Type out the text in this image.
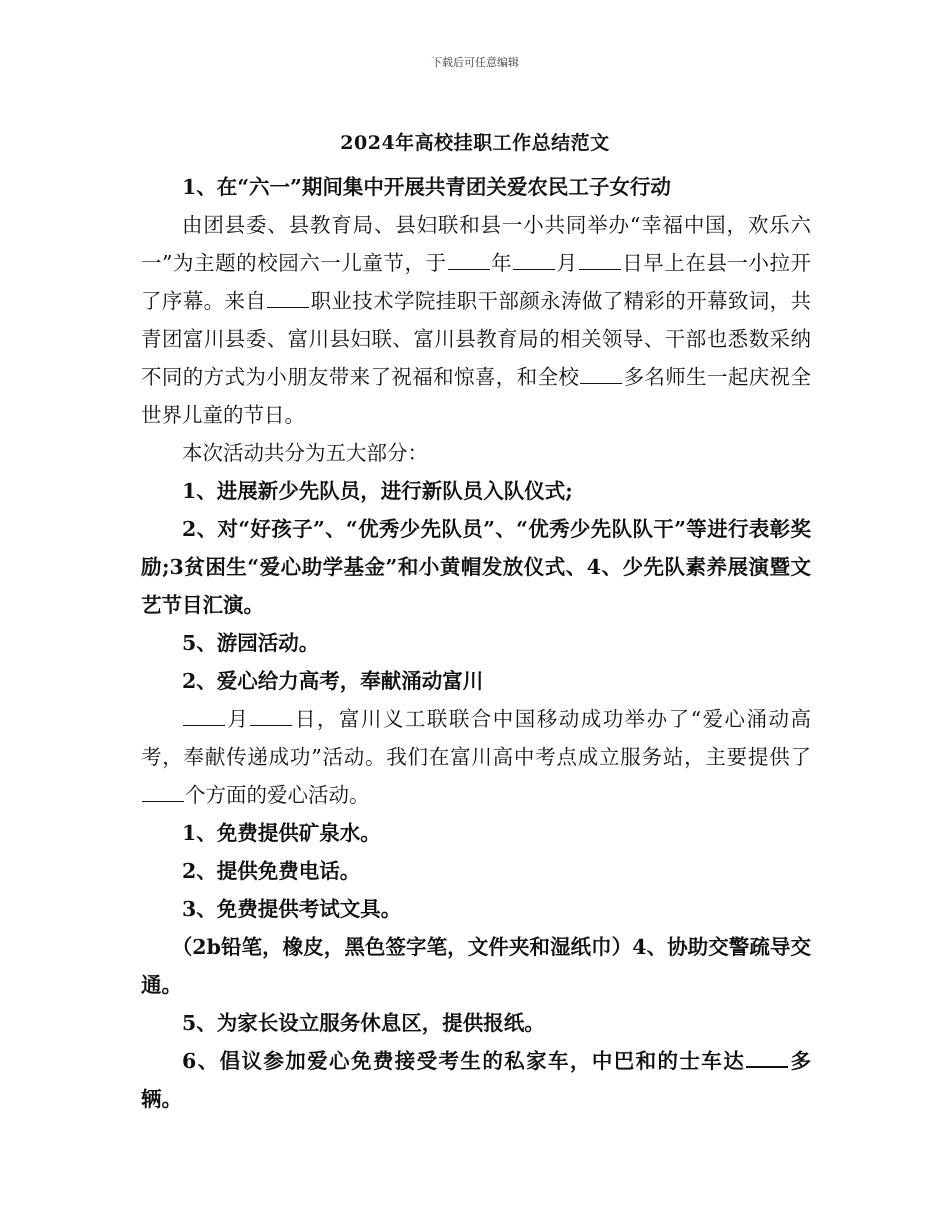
下载后可任意编辑
2024年高校挂职工作总结范文

1、在“六一”期间集中开展共青团关爱农民工子女行动

由团县委、县教育局、县妇联和县一小共同举办“幸福中国，欢乐六一”为主题的校园六一儿童节，于 年 月 日早上在县一小拉开了序幕。来自 职业技术学院挂职干部颜永涛做了精彩的开幕致词，共青团富川县委、富川县妇联、富川县教育局的相关领导、干部也悉数采纳不同的方式为小朋友带来了祝福和惊喜，和全校 多名师生一起庆祝全世界儿童的节日。

本次活动共分为五大部分：

1、进展新少先队员，进行新队员入队仪式;

2、对“好孩子”、“优秀少先队员”、“优秀少先队队干”等进行表彰奖励;3贫困生“爱心助学基金”和小黄帽发放仪式、4、少先队素养展演暨文艺节目汇演。

5、游园活动。

2、爱心给力高考，奉献涌动富川

月 日，富川义工联联合中国移动成功举办了“爱心涌动高考，奉献传递成功”活动。我们在富川高中考点成立服务站，主要提供了个方面的爱心活动。

1、免费提供矿泉水。

2、提供免费电话。

3、免费提供考试文具。

（2b铅笔，橡皮，黑色签字笔，文件夹和湿纸巾）4、协助交警疏导交通。

5、为家长设立服务休息区，提供报纸。

6、倡议参加爱心免费接受考生的私家车，中巴和的士车达 多辆。
